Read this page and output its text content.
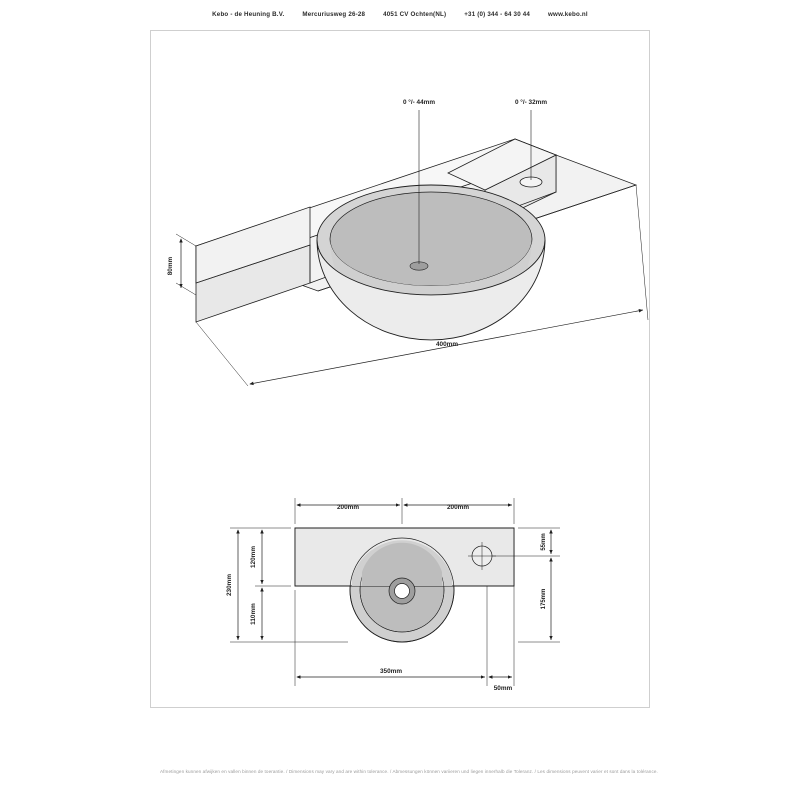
Kebo - de Heuning B.V.	Mercuriusweg 26-28	4051 CV Ochten(NL)	+31 (0) 344 - 64 30 44	www.kebo.nl
0 °/- 44mm	0 °/- 32mm
80mm
400mm
200mm	200mm
230mm
120mm
110mm
55mm
175mm
350mm
50mm
Afmetingen kunnen afwijken en vallen binnen de toerantie. / Dimensions may vary and are within tolerance. / Abmessungen können variieren und liegen innerhalb die Toleranz. / Les dimensions peuvent varier et sont dans la tolérance.
